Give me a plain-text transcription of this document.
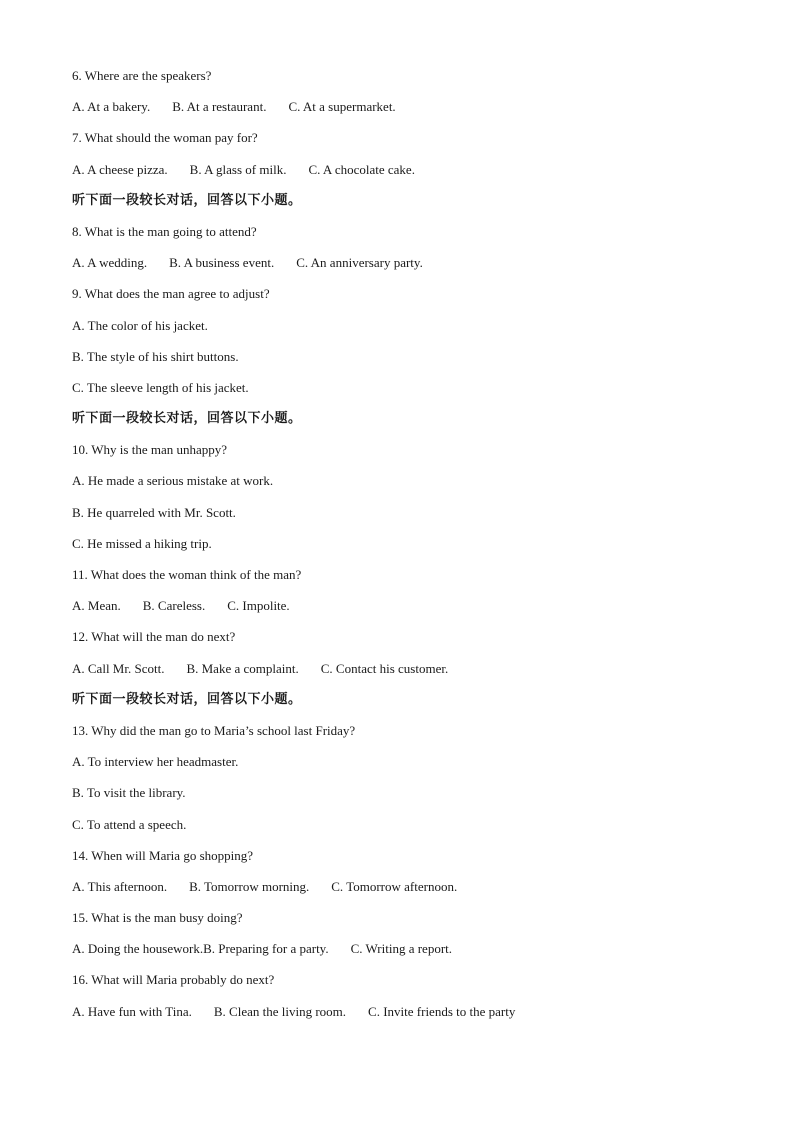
6. Where are the speakers?
A. At a bakery. B. At a restaurant. C. At a supermarket.
7. What should the woman pay for?
A. A cheese pizza. B. A glass of milk. C. A chocolate cake.
听下面一段较长对话，回答以下小题。
8. What is the man going to attend?
A. A wedding. B. A business event. C. An anniversary party.
9. What does the man agree to adjust?
A. The color of his jacket.
B. The style of his shirt buttons.
C. The sleeve length of his jacket.
听下面一段较长对话，回答以下小题。
10. Why is the man unhappy?
A. He made a serious mistake at work.
B. He quarreled with Mr. Scott.
C. He missed a hiking trip.
11. What does the woman think of the man?
A. Mean. B. Careless. C. Impolite.
12. What will the man do next?
A. Call Mr. Scott. B. Make a complaint. C. Contact his customer.
听下面一段较长对话，回答以下小题。
13. Why did the man go to Maria’s school last Friday?
A. To interview her headmaster.
B. To visit the library.
C. To attend a speech.
14. When will Maria go shopping?
A. This afternoon. B. Tomorrow morning. C. Tomorrow afternoon.
15. What is the man busy doing?
A. Doing the housework.B. Preparing for a party. C. Writing a report.
16. What will Maria probably do next?
A. Have fun with Tina. B. Clean the living room. C. Invite friends to the party
